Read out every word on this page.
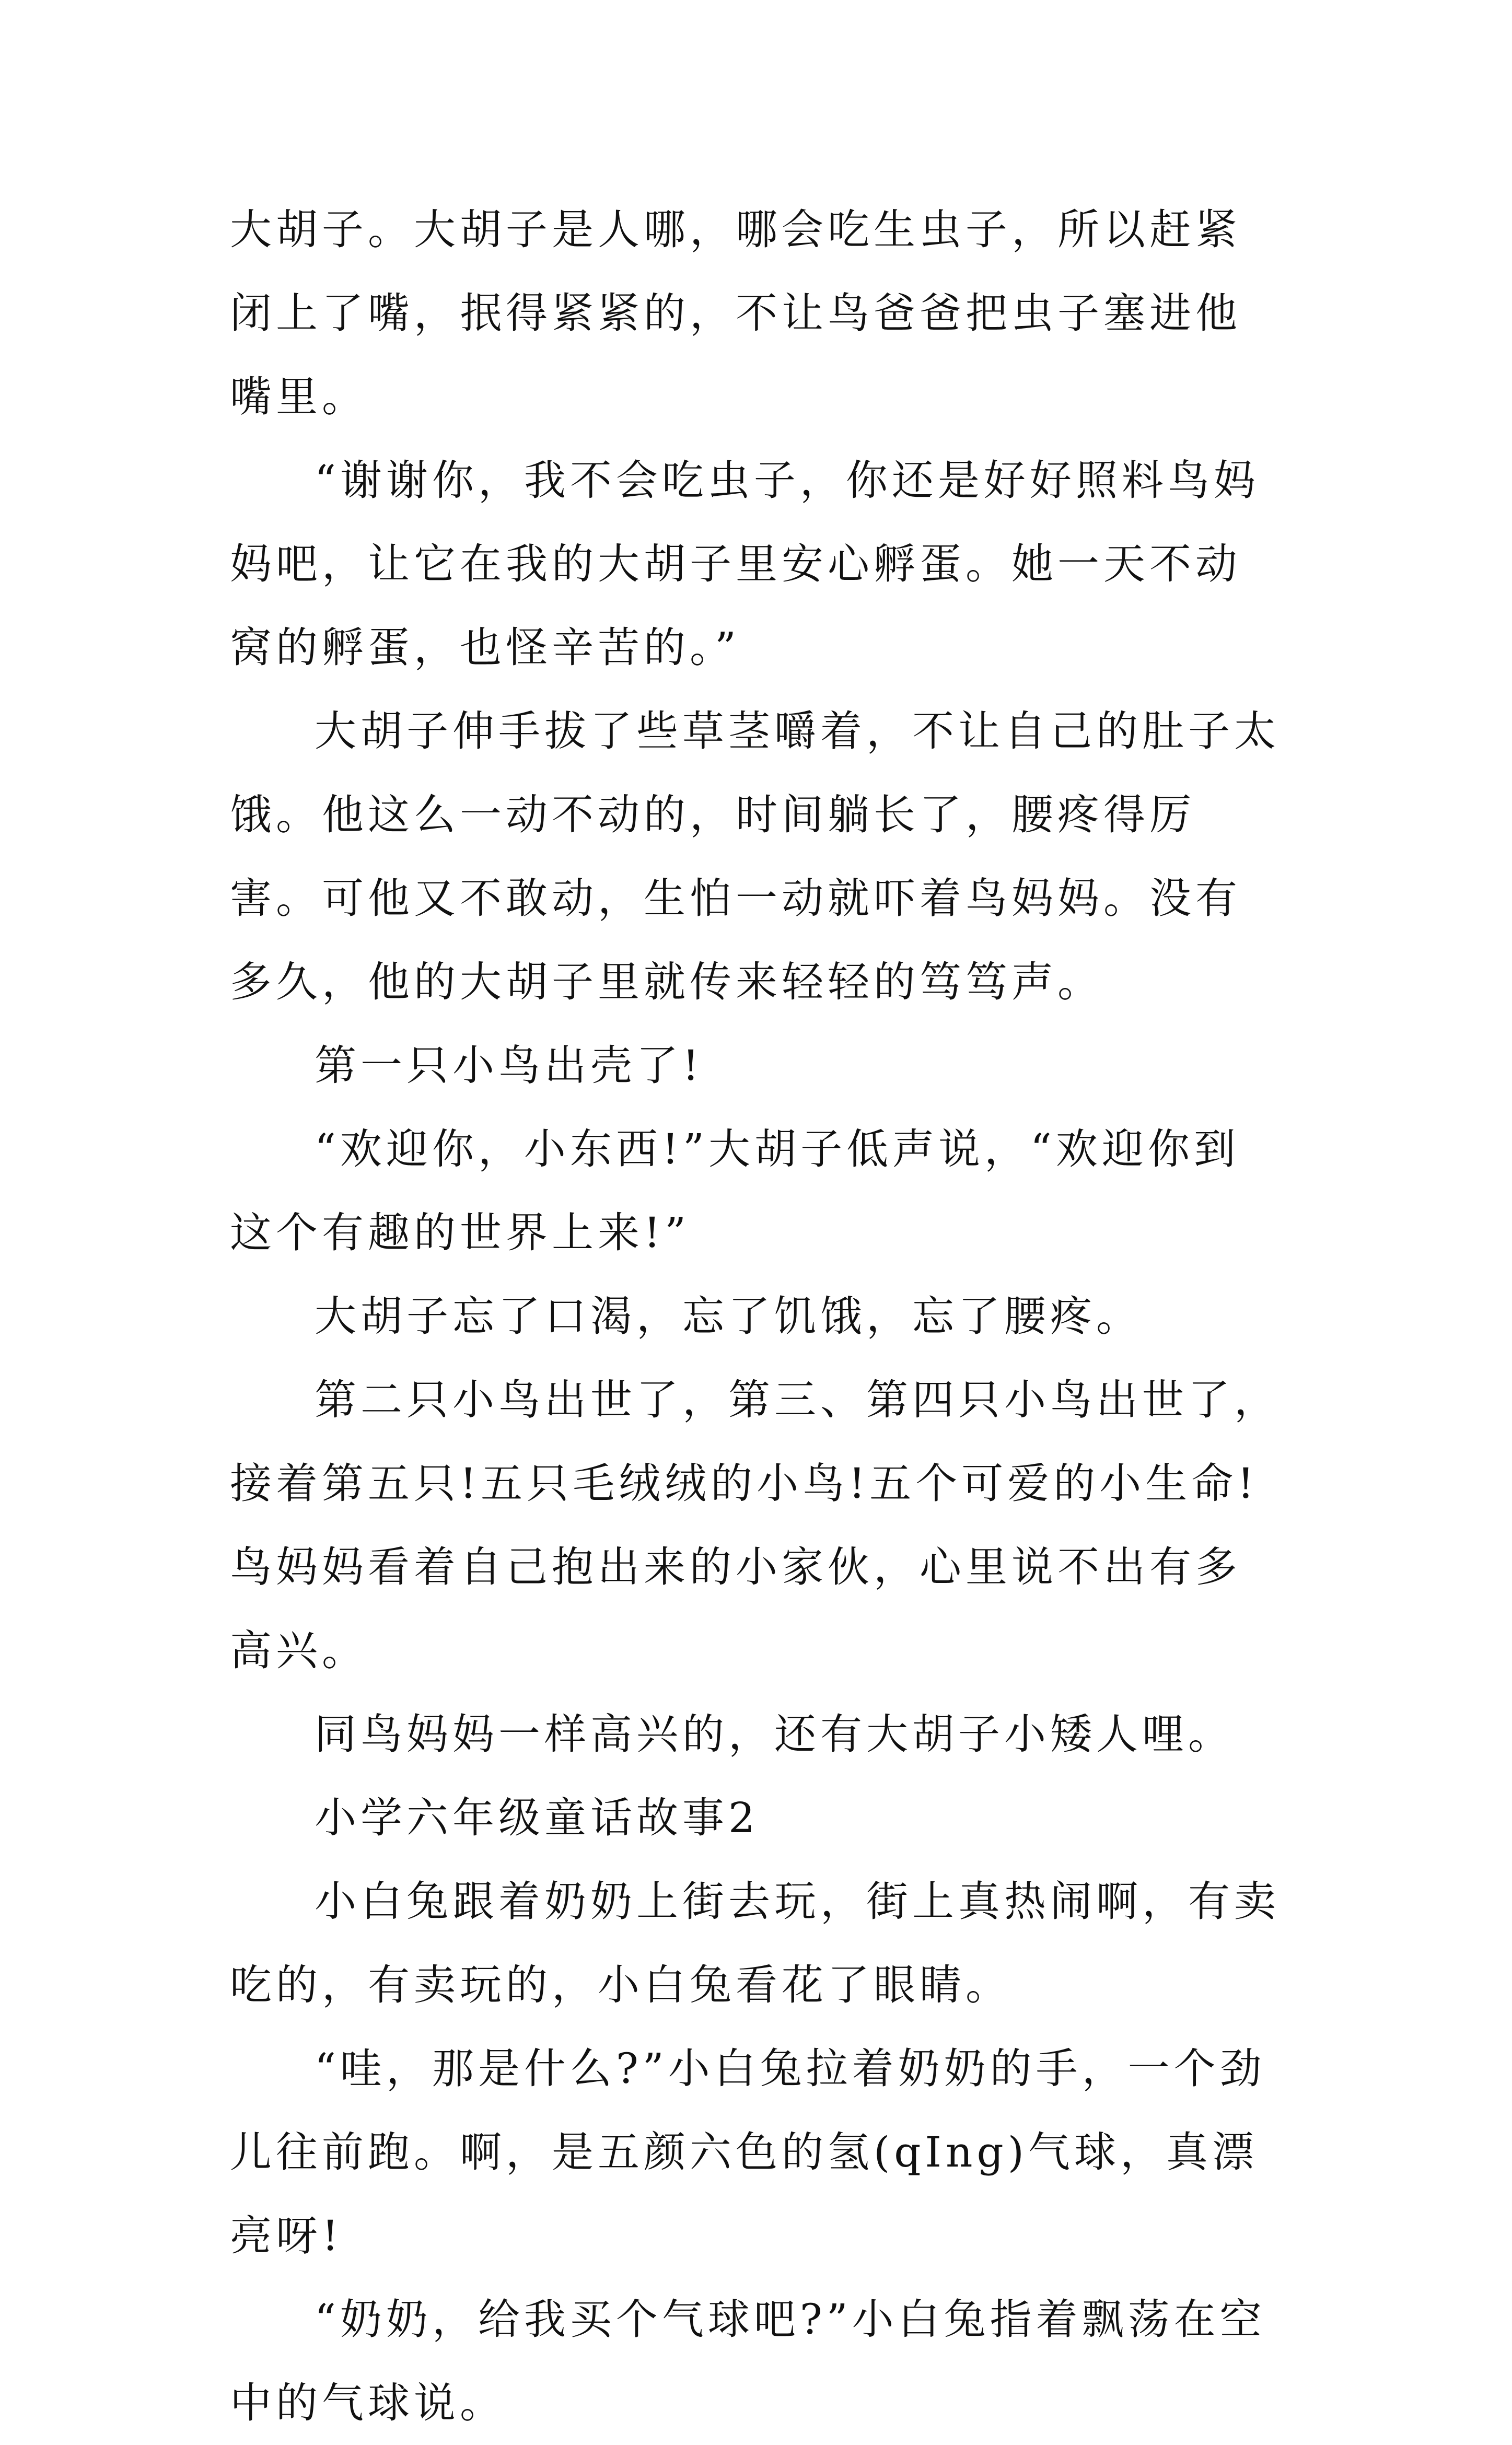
大胡子。大胡子是人哪，哪会吃生虫子，所以赶紧闭上了嘴，抿得紧紧的，不让鸟爸爸把虫子塞进他嘴里。

“谢谢你，我不会吃虫子，你还是好好照料鸟妈妈吧，让它在我的大胡子里安心孵蛋。她一天不动窝的孵蛋，也怪辛苦的。”

大胡子伸手拔了些草茎嚼着，不让自己的肚子太饿。他这么一动不动的，时间躺长了，腰疼得厉害。可他又不敢动，生怕一动就吓着鸟妈妈。没有多久，他的大胡子里就传来轻轻的笃笃声。

第一只小鸟出壳了!

“欢迎你，小东西!”大胡子低声说，“欢迎你到这个有趣的世界上来!”

大胡子忘了口渴，忘了饥饿，忘了腰疼。

第二只小鸟出世了，第三、第四只小鸟出世了，接着第五只!五只毛绒绒的小鸟!五个可爱的小生命!鸟妈妈看着自己抱出来的小家伙，心里说不出有多高兴。

同鸟妈妈一样高兴的，还有大胡子小矮人哩。

小学六年级童话故事2

小白兔跟着奶奶上街去玩，街上真热闹啊，有卖吃的，有卖玩的，小白兔看花了眼睛。

“哇，那是什么?”小白兔拉着奶奶的手，一个劲儿往前跑。啊，是五颜六色的氢(qIng)气球，真漂亮呀!

“奶奶，给我买个气球吧?”小白兔指着飘荡在空中的气球说。
